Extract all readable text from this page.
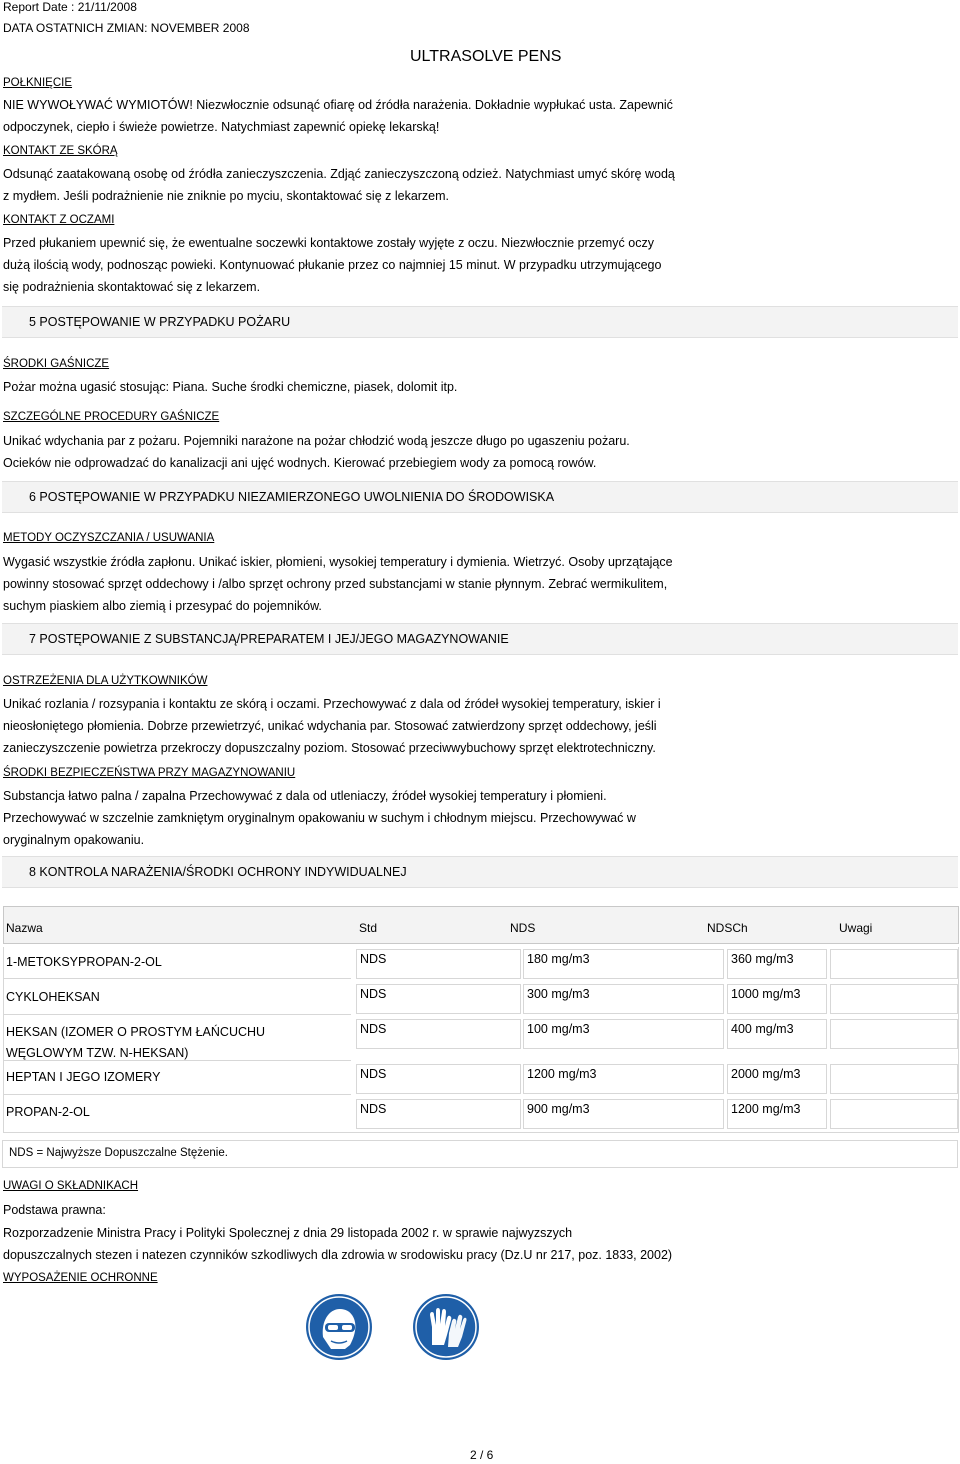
Report Date : 21/11/2008
DATA OSTATNICH ZMIAN: NOVEMBER 2008
ULTRASOLVE PENS
POŁKNIĘCIE
NIE WYWOŁYWAĆ WYMIOTÓW! Niezwłocznie odsunąć ofiarę od źródła narażenia. Dokładnie wypłukać usta. Zapewnić
odpoczynek, ciepło i świeże powietrze. Natychmiast zapewnić opiekę lekarską!
KONTAKT ZE SKÓRĄ
Odsunąć zaatakowaną osobę od źródła zanieczyszczenia. Zdjąć zanieczyszczoną odzież. Natychmiast umyć skórę wodą
z mydłem. Jeśli podrażnienie nie zniknie po myciu, skontaktować się z lekarzem.
KONTAKT Z OCZAMI
Przed płukaniem upewnić się, że ewentualne soczewki kontaktowe zostały wyjęte z oczu. Niezwłocznie przemyć oczy
dużą ilością wody, podnosząc powieki. Kontynuować płukanie przez co najmniej 15 minut. W przypadku utrzymującego
się podrażnienia skontaktować się z lekarzem.
5 POSTĘPOWANIE W PRZYPADKU POŻARU
ŚRODKI GAŚNICZE
Pożar można ugasić stosując: Piana. Suche środki chemiczne, piasek, dolomit itp.
SZCZEGÓLNE PROCEDURY GAŚNICZE
Unikać wdychania par z pożaru. Pojemniki narażone na pożar chłodzić wodą jeszcze długo po ugaszeniu pożaru.
Ocieków nie odprowadzać do kanalizacji ani ujęć wodnych. Kierować przebiegiem wody za pomocą rowów.
6 POSTĘPOWANIE W PRZYPADKU NIEZAMIERZONEGO UWOLNIENIA DO ŚRODOWISKA
METODY OCZYSZCZANIA / USUWANIA
Wygasić wszystkie źródła zapłonu. Unikać iskier, płomieni, wysokiej temperatury i dymienia. Wietrzyć. Osoby uprzątające
powinny stosować sprzęt oddechowy i /albo sprzęt ochrony przed substancjami w stanie płynnym. Zebrać wermikulitem,
suchym piaskiem albo ziemią i przesypać do pojemników.
7 POSTĘPOWANIE Z SUBSTANCJĄ/PREPARATEM I JEJ/JEGO MAGAZYNOWANIE
OSTRZEŻENIA DLA UŻYTKOWNIKÓW
Unikać rozlania / rozsypania i kontaktu ze skórą i oczami. Przechowywać z dala od źródeł wysokiej temperatury, iskier i
nieosłoniętego płomienia. Dobrze przewietrzyć, unikać wdychania par. Stosować zatwierdzony sprzęt oddechowy, jeśli
zanieczyszczenie powietrza przekroczy dopuszczalny poziom. Stosować przeciwwybuchowy sprzęt elektrotechniczny.
ŚRODKI BEZPIECZEŃSTWA PRZY MAGAZYNOWANIU
Substancja łatwo palna / zapalna Przechowywać z dala od utleniaczy, źródeł wysokiej temperatury i płomieni.
Przechowywać w szczelnie zamkniętym oryginalnym opakowaniu w suchym i chłodnym miejscu. Przechowywać w
oryginalnym opakowaniu.
8 KONTROLA NARAŻENIA/ŚRODKI OCHRONY INDYWIDUALNEJ
Nazwa	Std	NDS	NDSCh	Uwagi
1-METOKSYPROPAN-2-OL	NDS	180 mg/m3	360 mg/m3
CYKLOHEKSAN	NDS	300 mg/m3	1000 mg/m3
HEKSAN (IZOMER O PROSTYM ŁAŃCUCHU
WĘGLOWYM TZW. N-HEKSAN)
NDS	100 mg/m3	400 mg/m3
HEPTAN I JEGO IZOMERY	NDS	1200 mg/m3	2000 mg/m3
PROPAN-2-OL	NDS	900 mg/m3	1200 mg/m3
NDS = Najwyższe Dopuszczalne Stężenie.
UWAGI O SKŁADNIKACH
Podstawa prawna:
Rozporzadzenie Ministra Pracy i Polityki Spolecznej z dnia 29 listopada 2002 r. w sprawie najwyzszych
dopuszczalnych stezen i natezen czynników szkodliwych dla zdrowia w srodowisku pracy (Dz.U nr 217, poz. 1833, 2002)
WYPOSAŻENIE OCHRONNE
2 / 6
